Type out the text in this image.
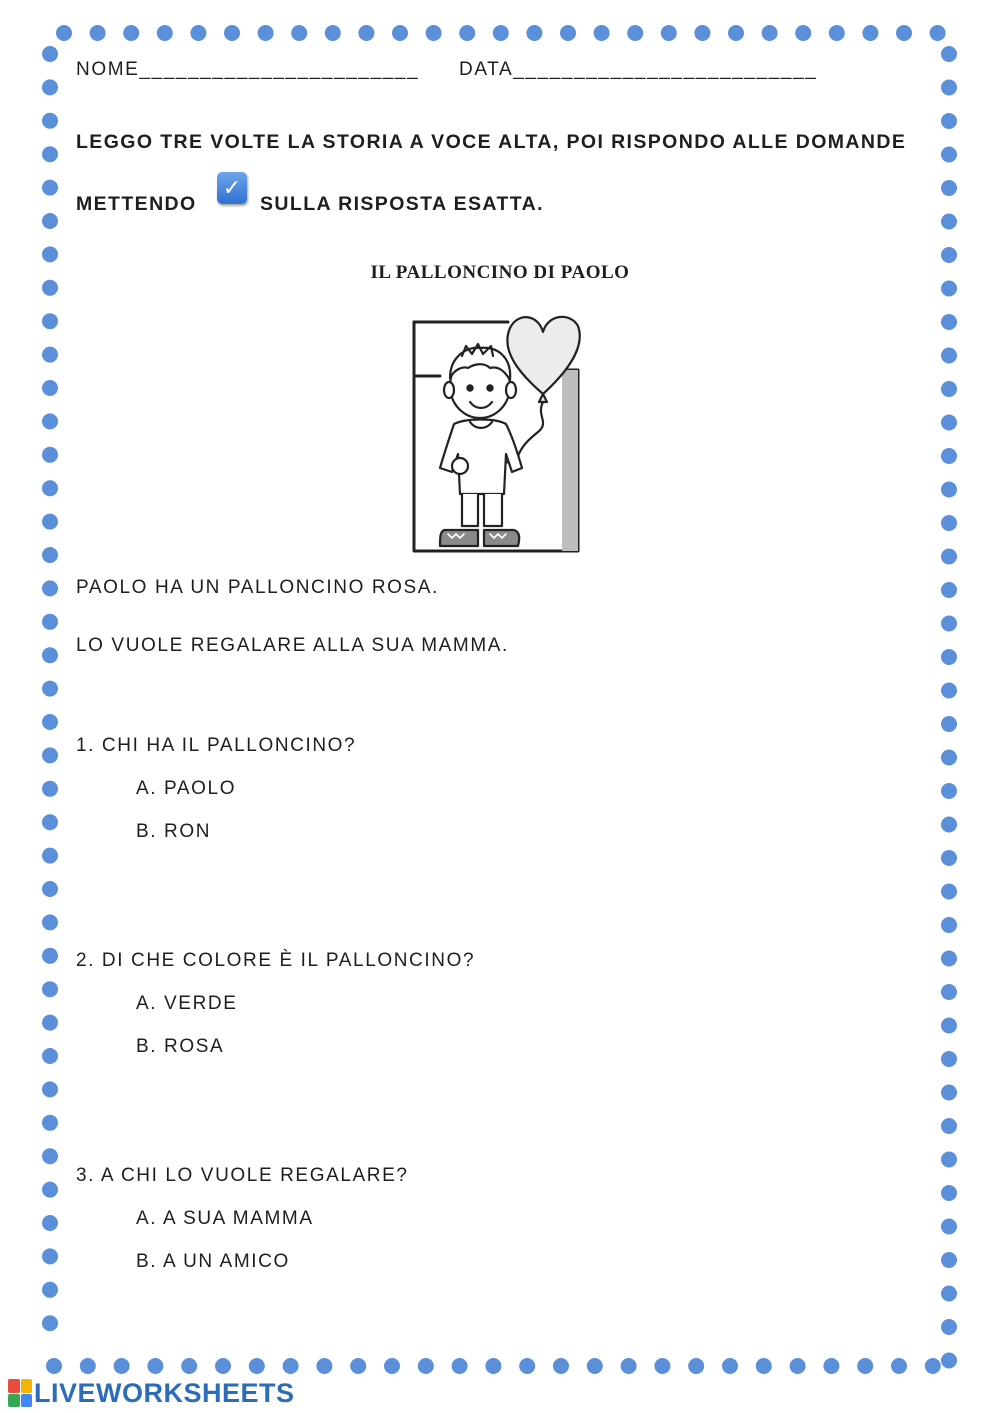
NOME_______________________ DATA_________________________
LEGGO TRE VOLTE LA STORIA A VOCE ALTA, POI RISPONDO ALLE DOMANDE
METTENDO
✓
SULLA RISPOSTA ESATTA.
IL PALLONCINO DI PAOLO
PAOLO HA UN PALLONCINO ROSA.
LO VUOLE REGALARE ALLA SUA MAMMA.
1. CHI HA IL PALLONCINO?
A. PAOLO
B. RON
2. DI CHE COLORE È IL PALLONCINO?
A. VERDE
B. ROSA
3. A CHI LO VUOLE REGALARE?
A. A SUA MAMMA
B. A UN AMICO
LIVEWORKSHEETS
